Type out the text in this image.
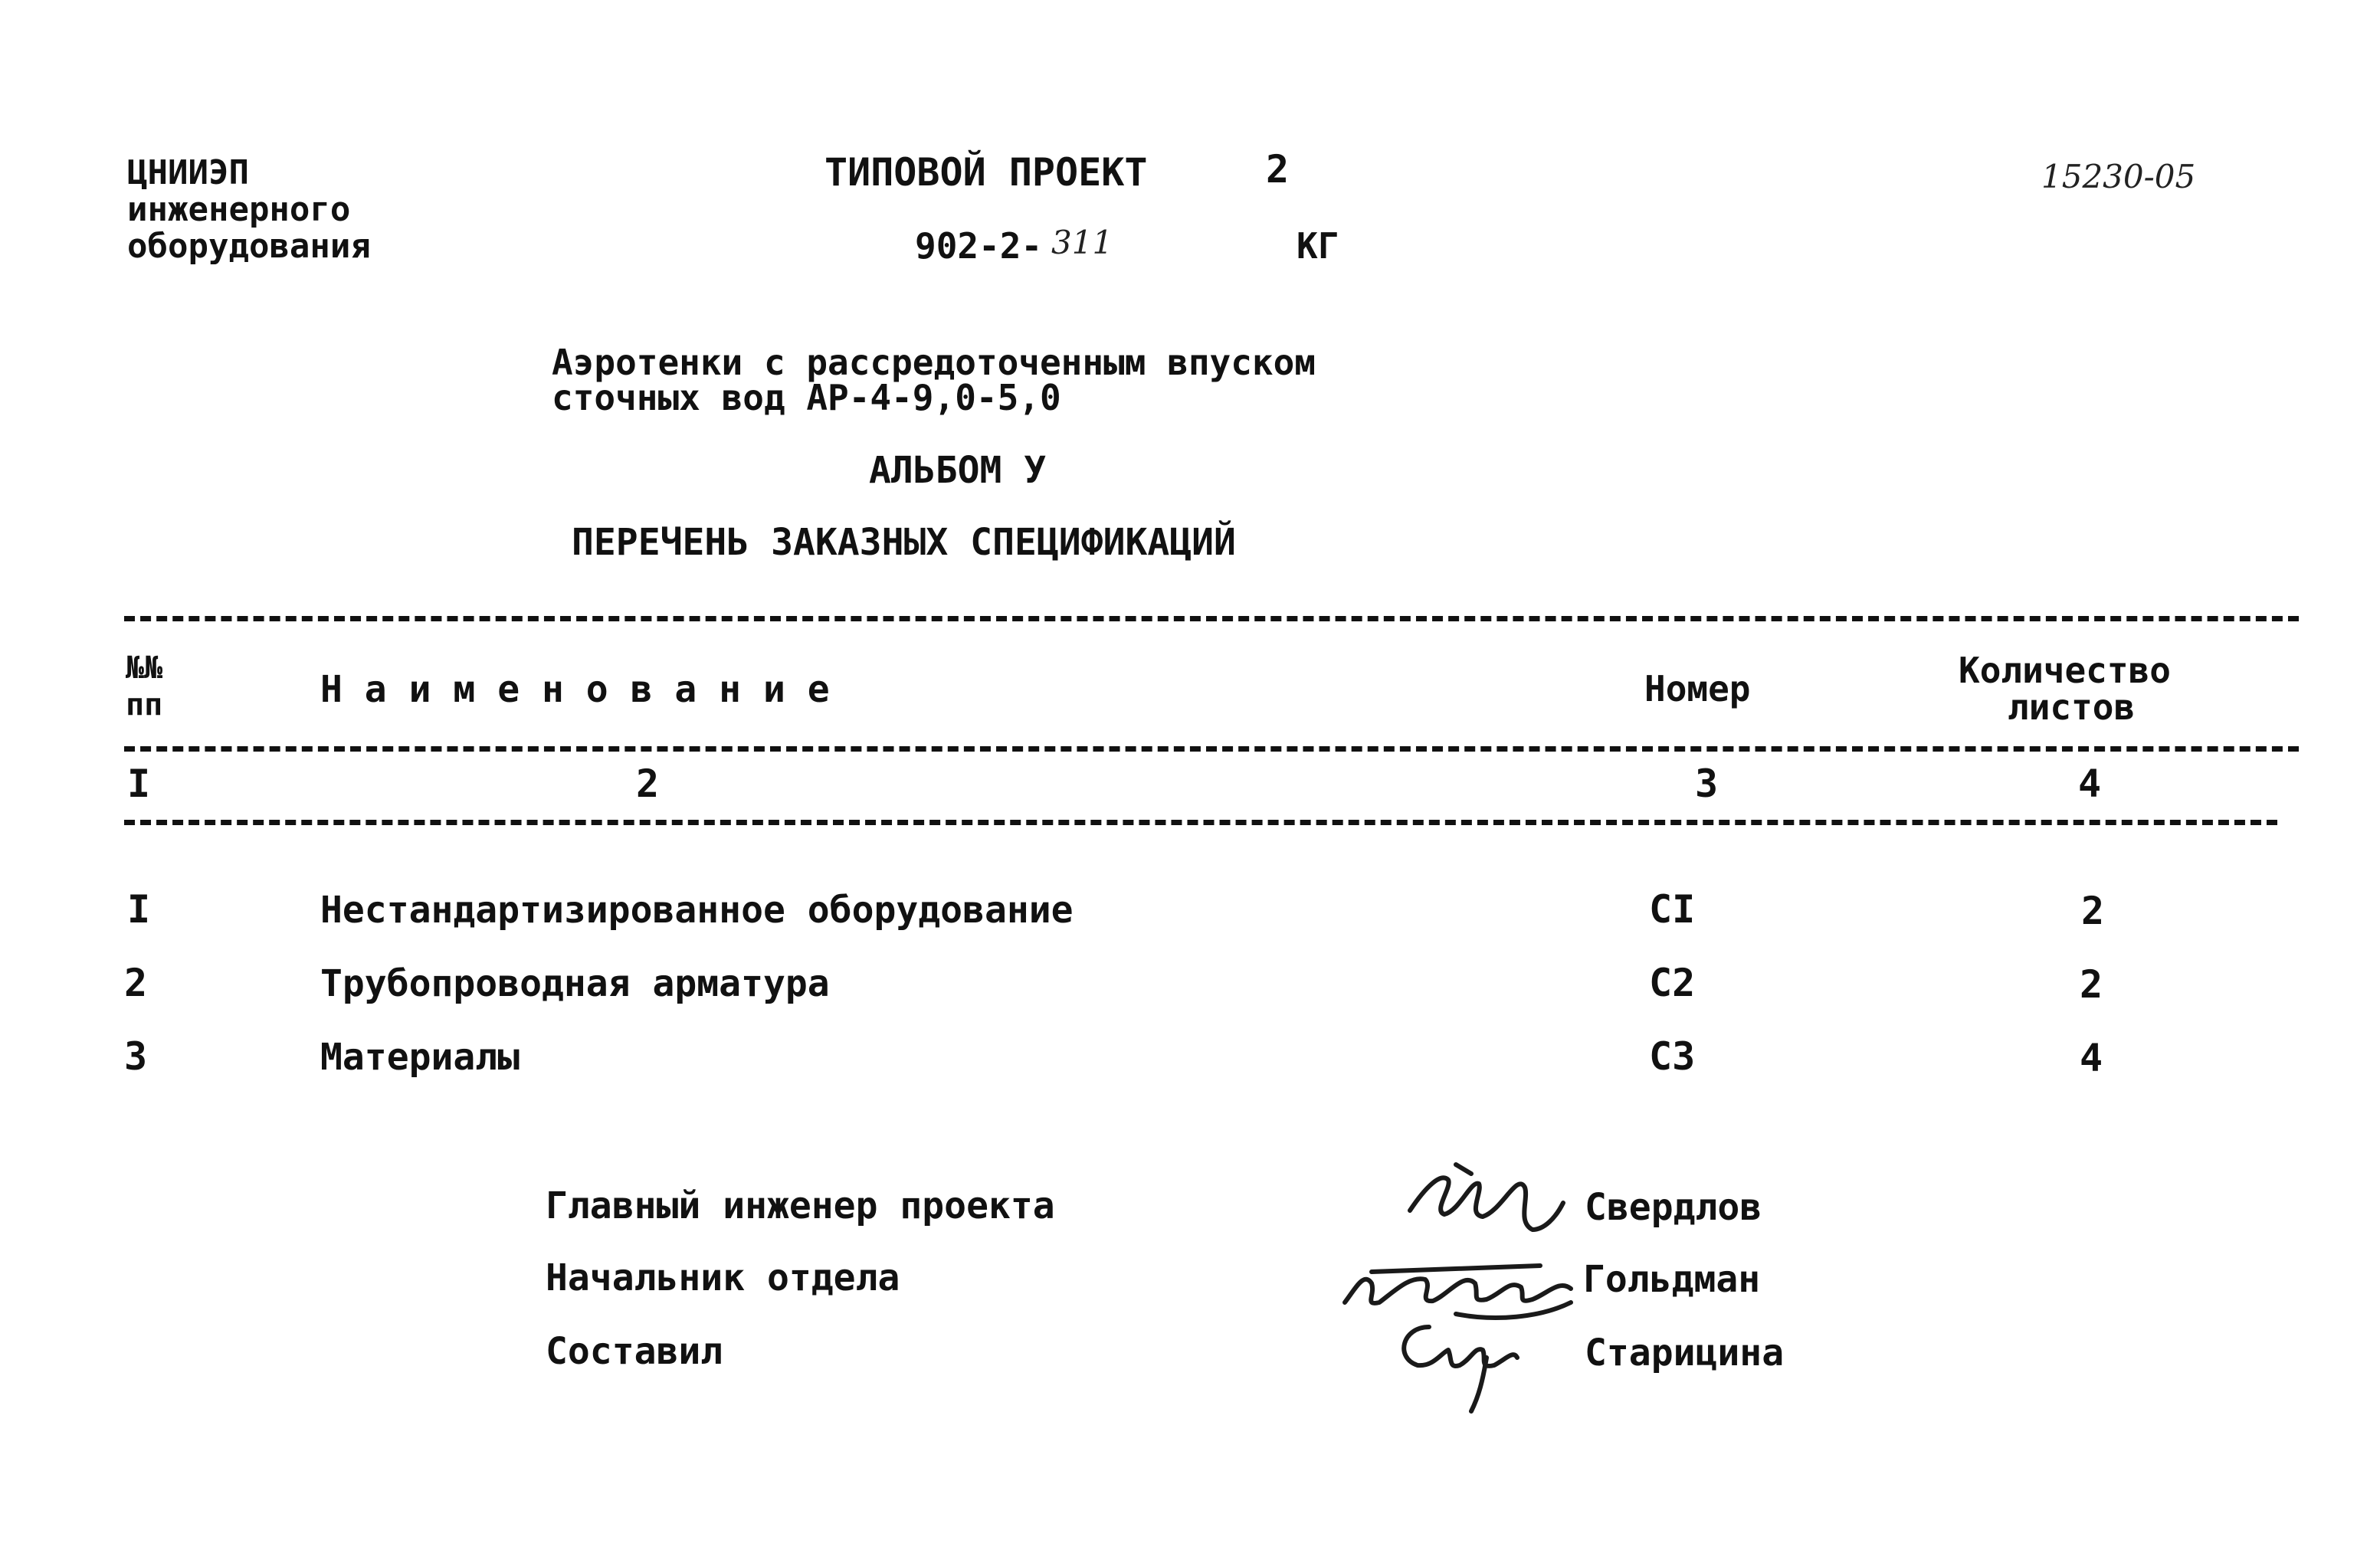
ЦНИИЭП
инженерного
оборудования
ТИПОВОЙ ПРОЕКТ	2
902-2- 311	КГ
15230-05
Аэротенки с рассредоточенным впуском
сточных вод АР-4-9,0-5,0
АЛЬБОМ У
ПЕРЕЧЕНЬ ЗАКАЗНЫХ СПЕЦИФИКАЦИЙ
№№
пп	Н а и м е н о в а н и е	Номер	Количество
листов
I	2	3	4
I	Нестандартизированное оборудование	CI	2
2	Трубопроводная арматура	C2	2
3	Материалы	C3	4
Главный инженер проекта	Свердлов
Начальник отдела	Гольдман
Составил	Старицина
